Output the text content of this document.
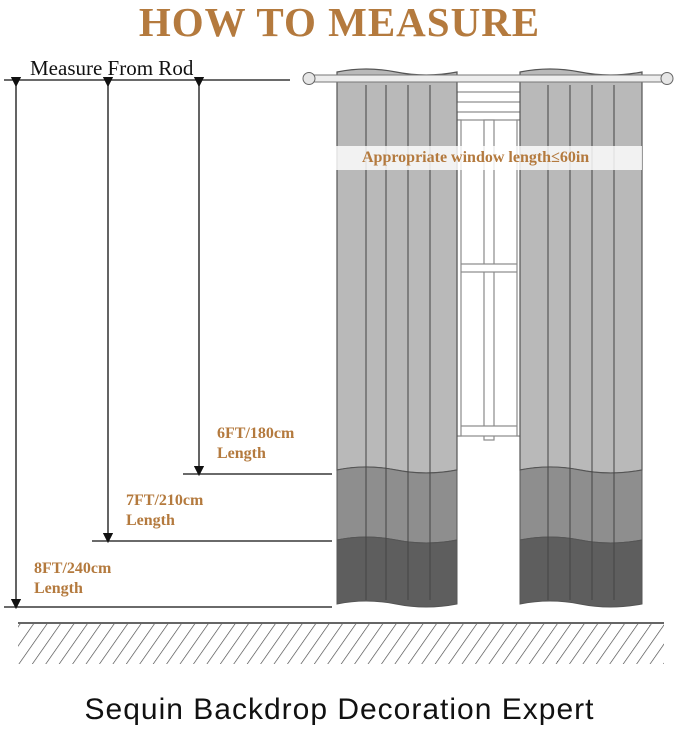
HOW TO MEASURE
Measure From Rod
Appropriate window length≤60in
6FT/180cm
Length
7FT/210cm
Length
8FT/240cm
Length
Sequin Backdrop Decoration Expert
